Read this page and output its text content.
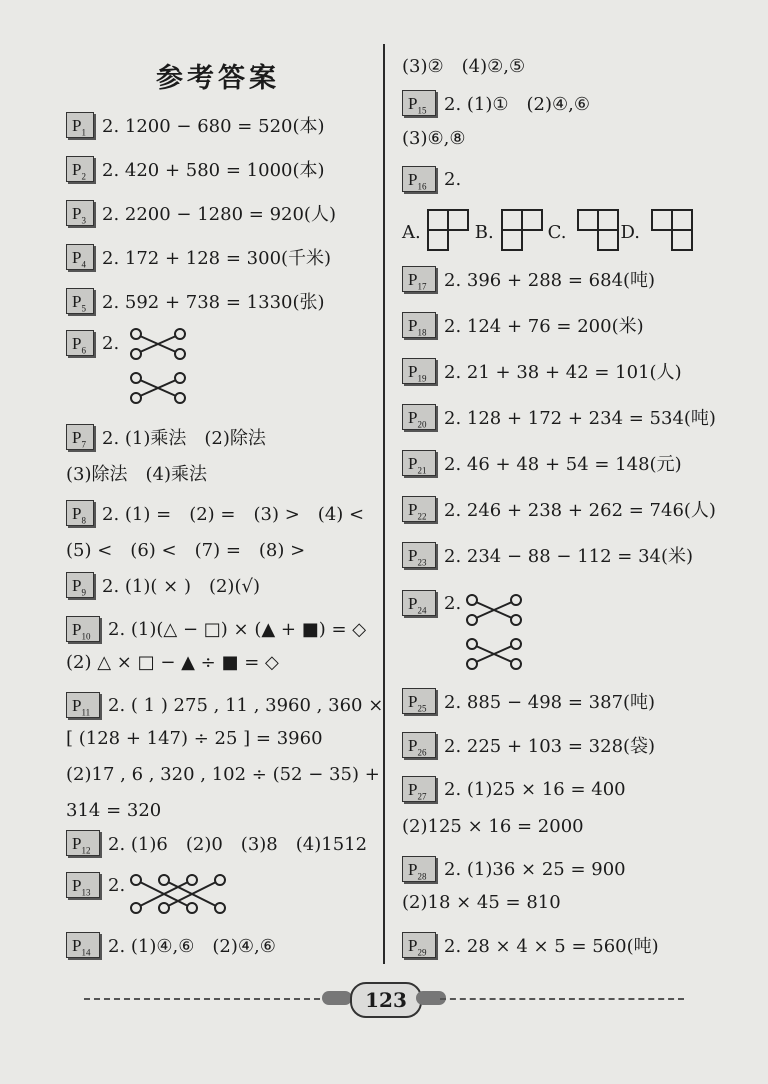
参考答案
$P_1$ 2. 1200 − 680 = 520(本)
$P_2$ 2. 420 + 580 = 1000(本)
$P_3$ 2. 2200 − 1280 = 920(人)
$P_4$ 2. 172 + 128 = 300(千米)
$P_5$ 2. 592 + 738 = 1330(张)
$P_6$ 2.
$P_7$ 2. (1)乘法　(2)除法
(3)除法　(4)乘法
$P_8$ 2. (1) =　(2) =　(3) >　(4) <
(5) <　(6) <　(7) =　(8) >
$P_9$ 2. (1)( × )　(2)(√)
$P_{10}$ 2. (1)(△ − □) × (▲ + ■) = ◇
(2) △ × □ − ▲ ÷ ■ = ◇
$P_{11}$ 2. ( 1 ) 275 , 11 , 3960 , 360 ×
[ (128 + 147) ÷ 25 ] = 3960
(2)17 , 6 , 320 , 102 ÷ (52 − 35) +
314 = 320
$P_{12}$ 2. (1)6　(2)0　(3)8　(4)1512
$P_{13}$ 2.
$P_{14}$ 2. (1)④,⑥　(2)④,⑥
(3)②　(4)②,⑤
$P_{15}$ 2. (1)①　(2)④,⑥
(3)⑥,⑧
$P_{16}$ 2.
A.　　　B.　　　C.　　　D.
$P_{17}$ 2. 396 + 288 = 684(吨)
$P_{18}$ 2. 124 + 76 = 200(米)
$P_{19}$ 2. 21 + 38 + 42 = 101(人)
$P_{20}$ 2. 128 + 172 + 234 = 534(吨)
$P_{21}$ 2. 46 + 48 + 54 = 148(元)
$P_{22}$ 2. 246 + 238 + 262 = 746(人)
$P_{23}$ 2. 234 − 88 − 112 = 34(米)
$P_{24}$ 2.
$P_{25}$ 2. 885 − 498 = 387(吨)
$P_{26}$ 2. 225 + 103 = 328(袋)
$P_{27}$ 2. (1)25 × 16 = 400
(2)125 × 16 = 2000
$P_{28}$ 2. (1)36 × 25 = 900
(2)18 × 45 = 810
$P_{29}$ 2. 28 × 4 × 5 = 560(吨)
123
